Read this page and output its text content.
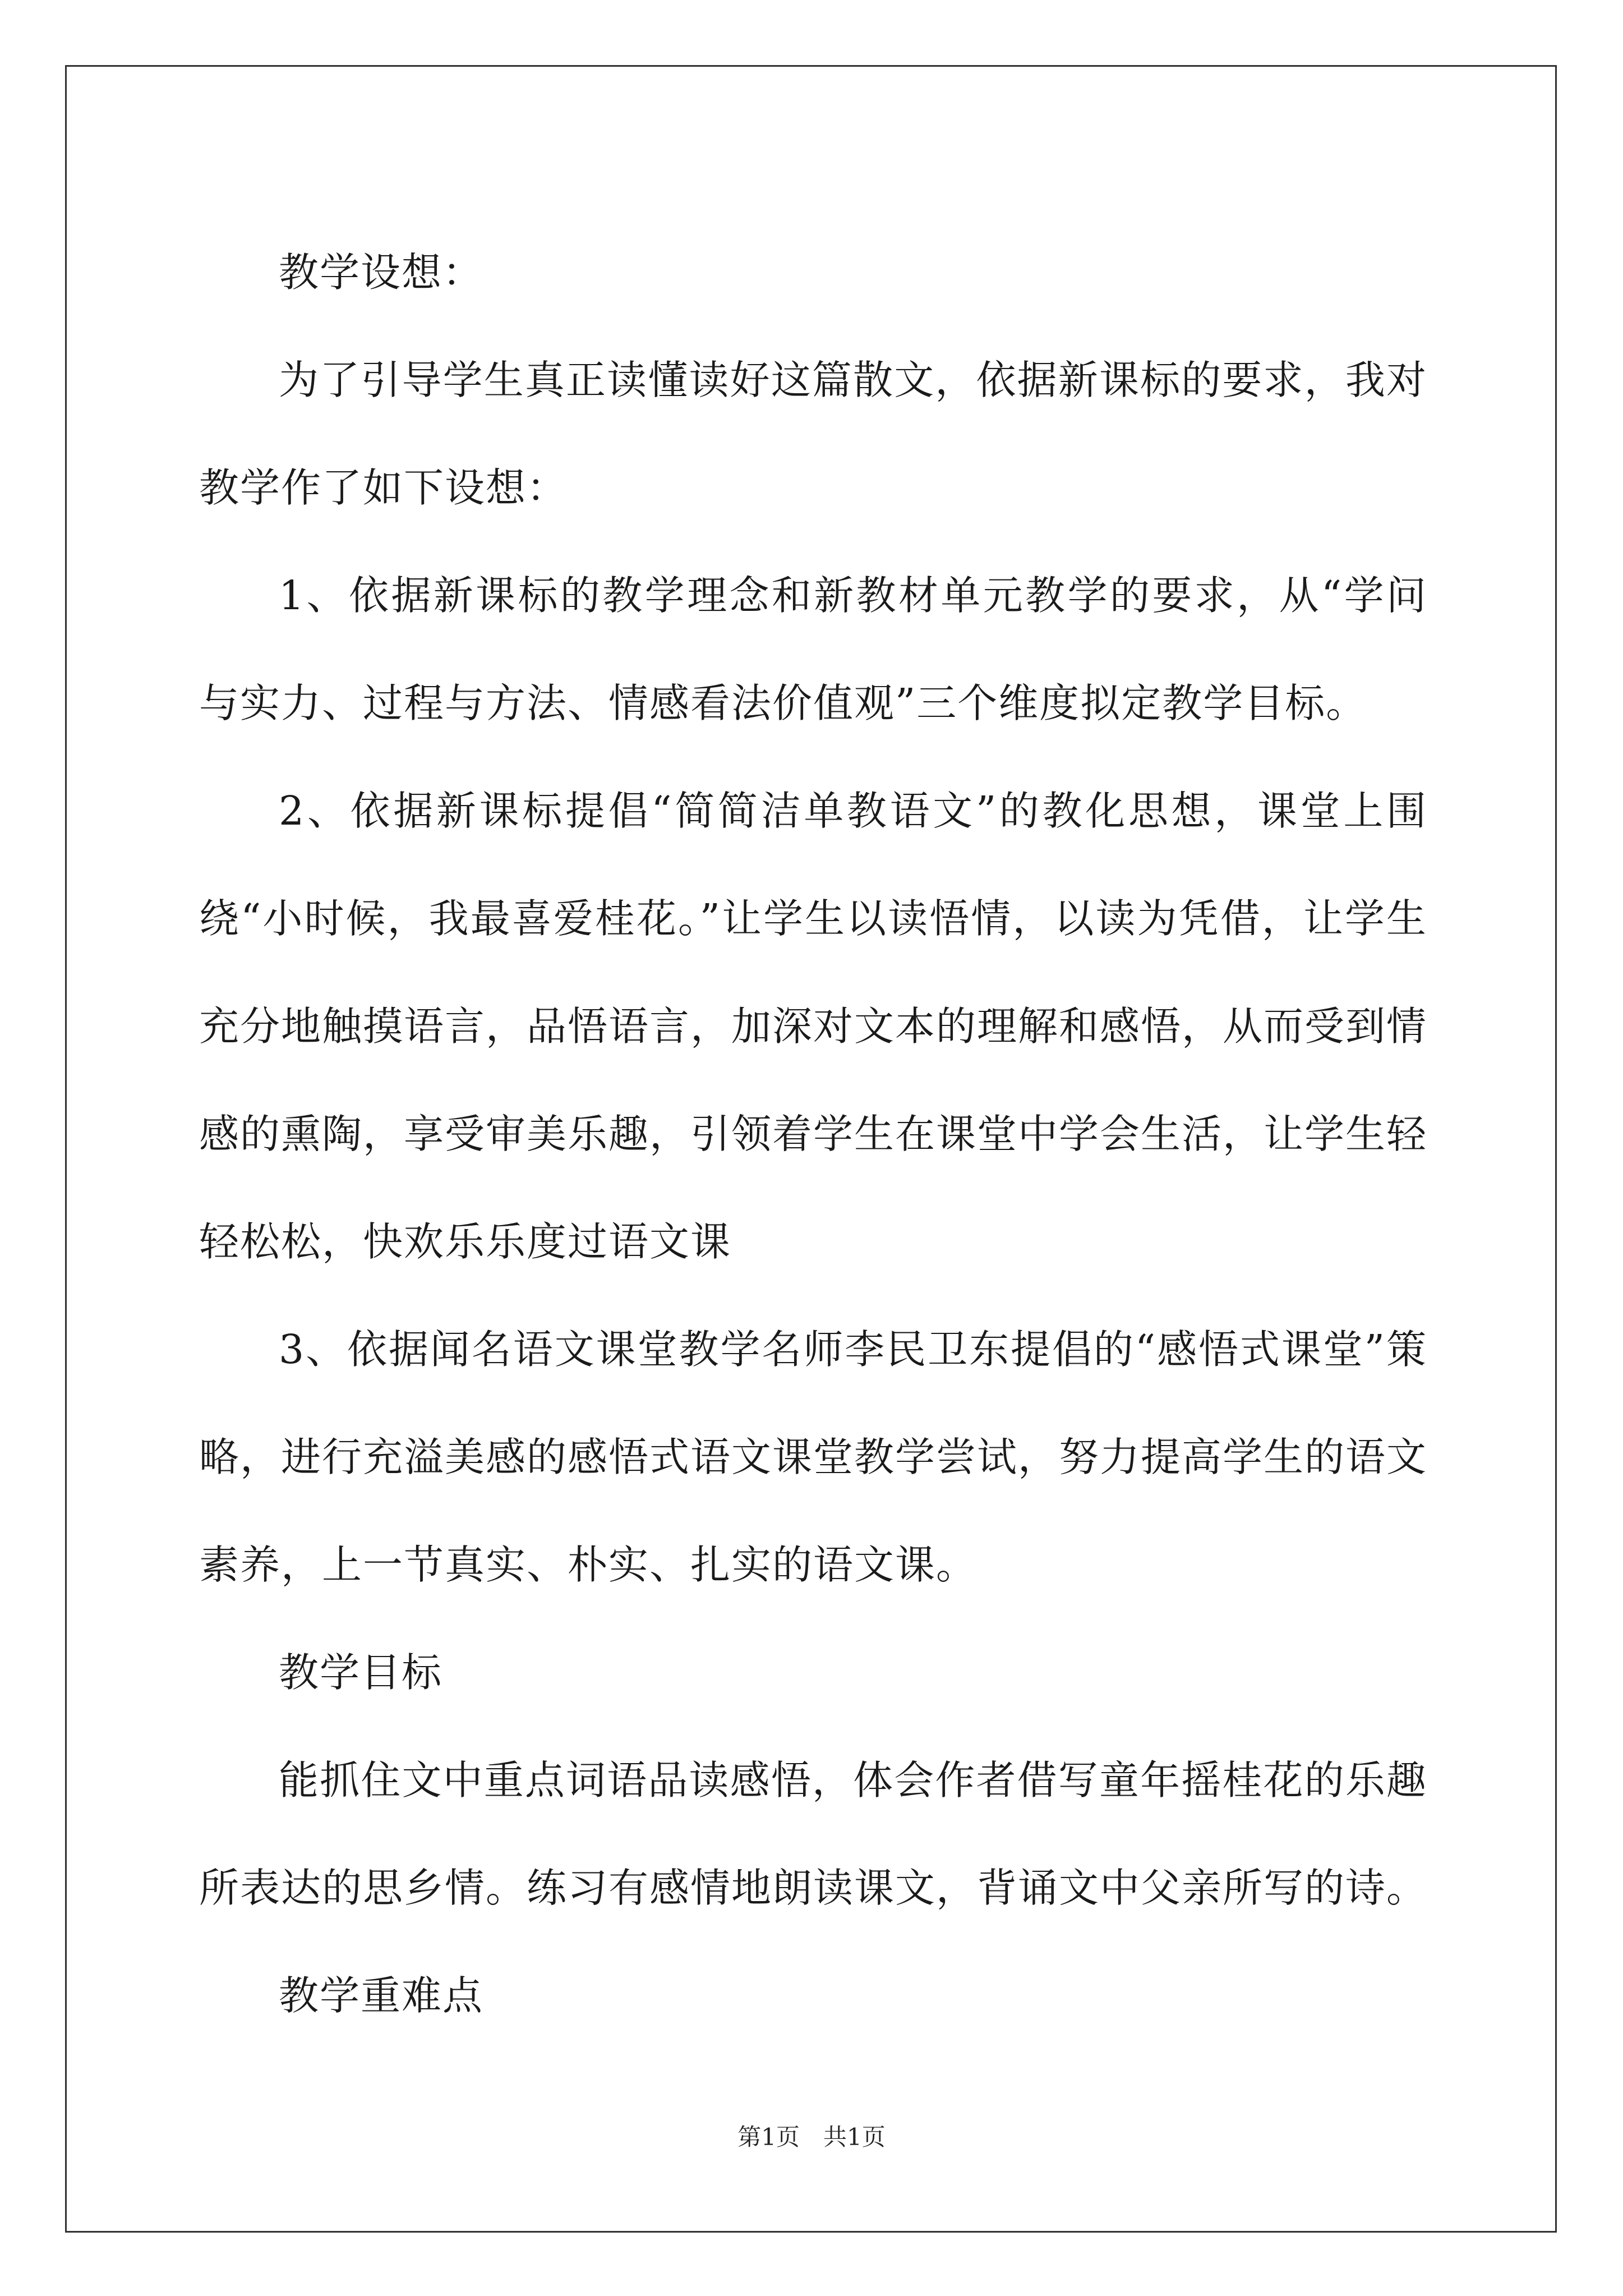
教学设想：

为了引导学生真正读懂读好这篇散文，依据新课标的要求，我对教学作了如下设想：

1、依据新课标的教学理念和新教材单元教学的要求，从“学问与实力、过程与方法、情感看法价值观”三个维度拟定教学目标。

2、依据新课标提倡“简简洁单教语文”的教化思想，课堂上围绕“小时候，我最喜爱桂花。”让学生以读悟情，以读为凭借，让学生充分地触摸语言，品悟语言，加深对文本的理解和感悟，从而受到情感的熏陶，享受审美乐趣，引领着学生在课堂中学会生活，让学生轻轻松松，快欢乐乐度过语文课

3、依据闻名语文课堂教学名师李民卫东提倡的“感悟式课堂”策略，进行充溢美感的感悟式语文课堂教学尝试，努力提高学生的语文素养，上一节真实、朴实、扎实的语文课。

教学目标

能抓住文中重点词语品读感悟，体会作者借写童年摇桂花的乐趣所表达的思乡情。练习有感情地朗读课文，背诵文中父亲所写的诗。

教学重难点

第1页　共1页
